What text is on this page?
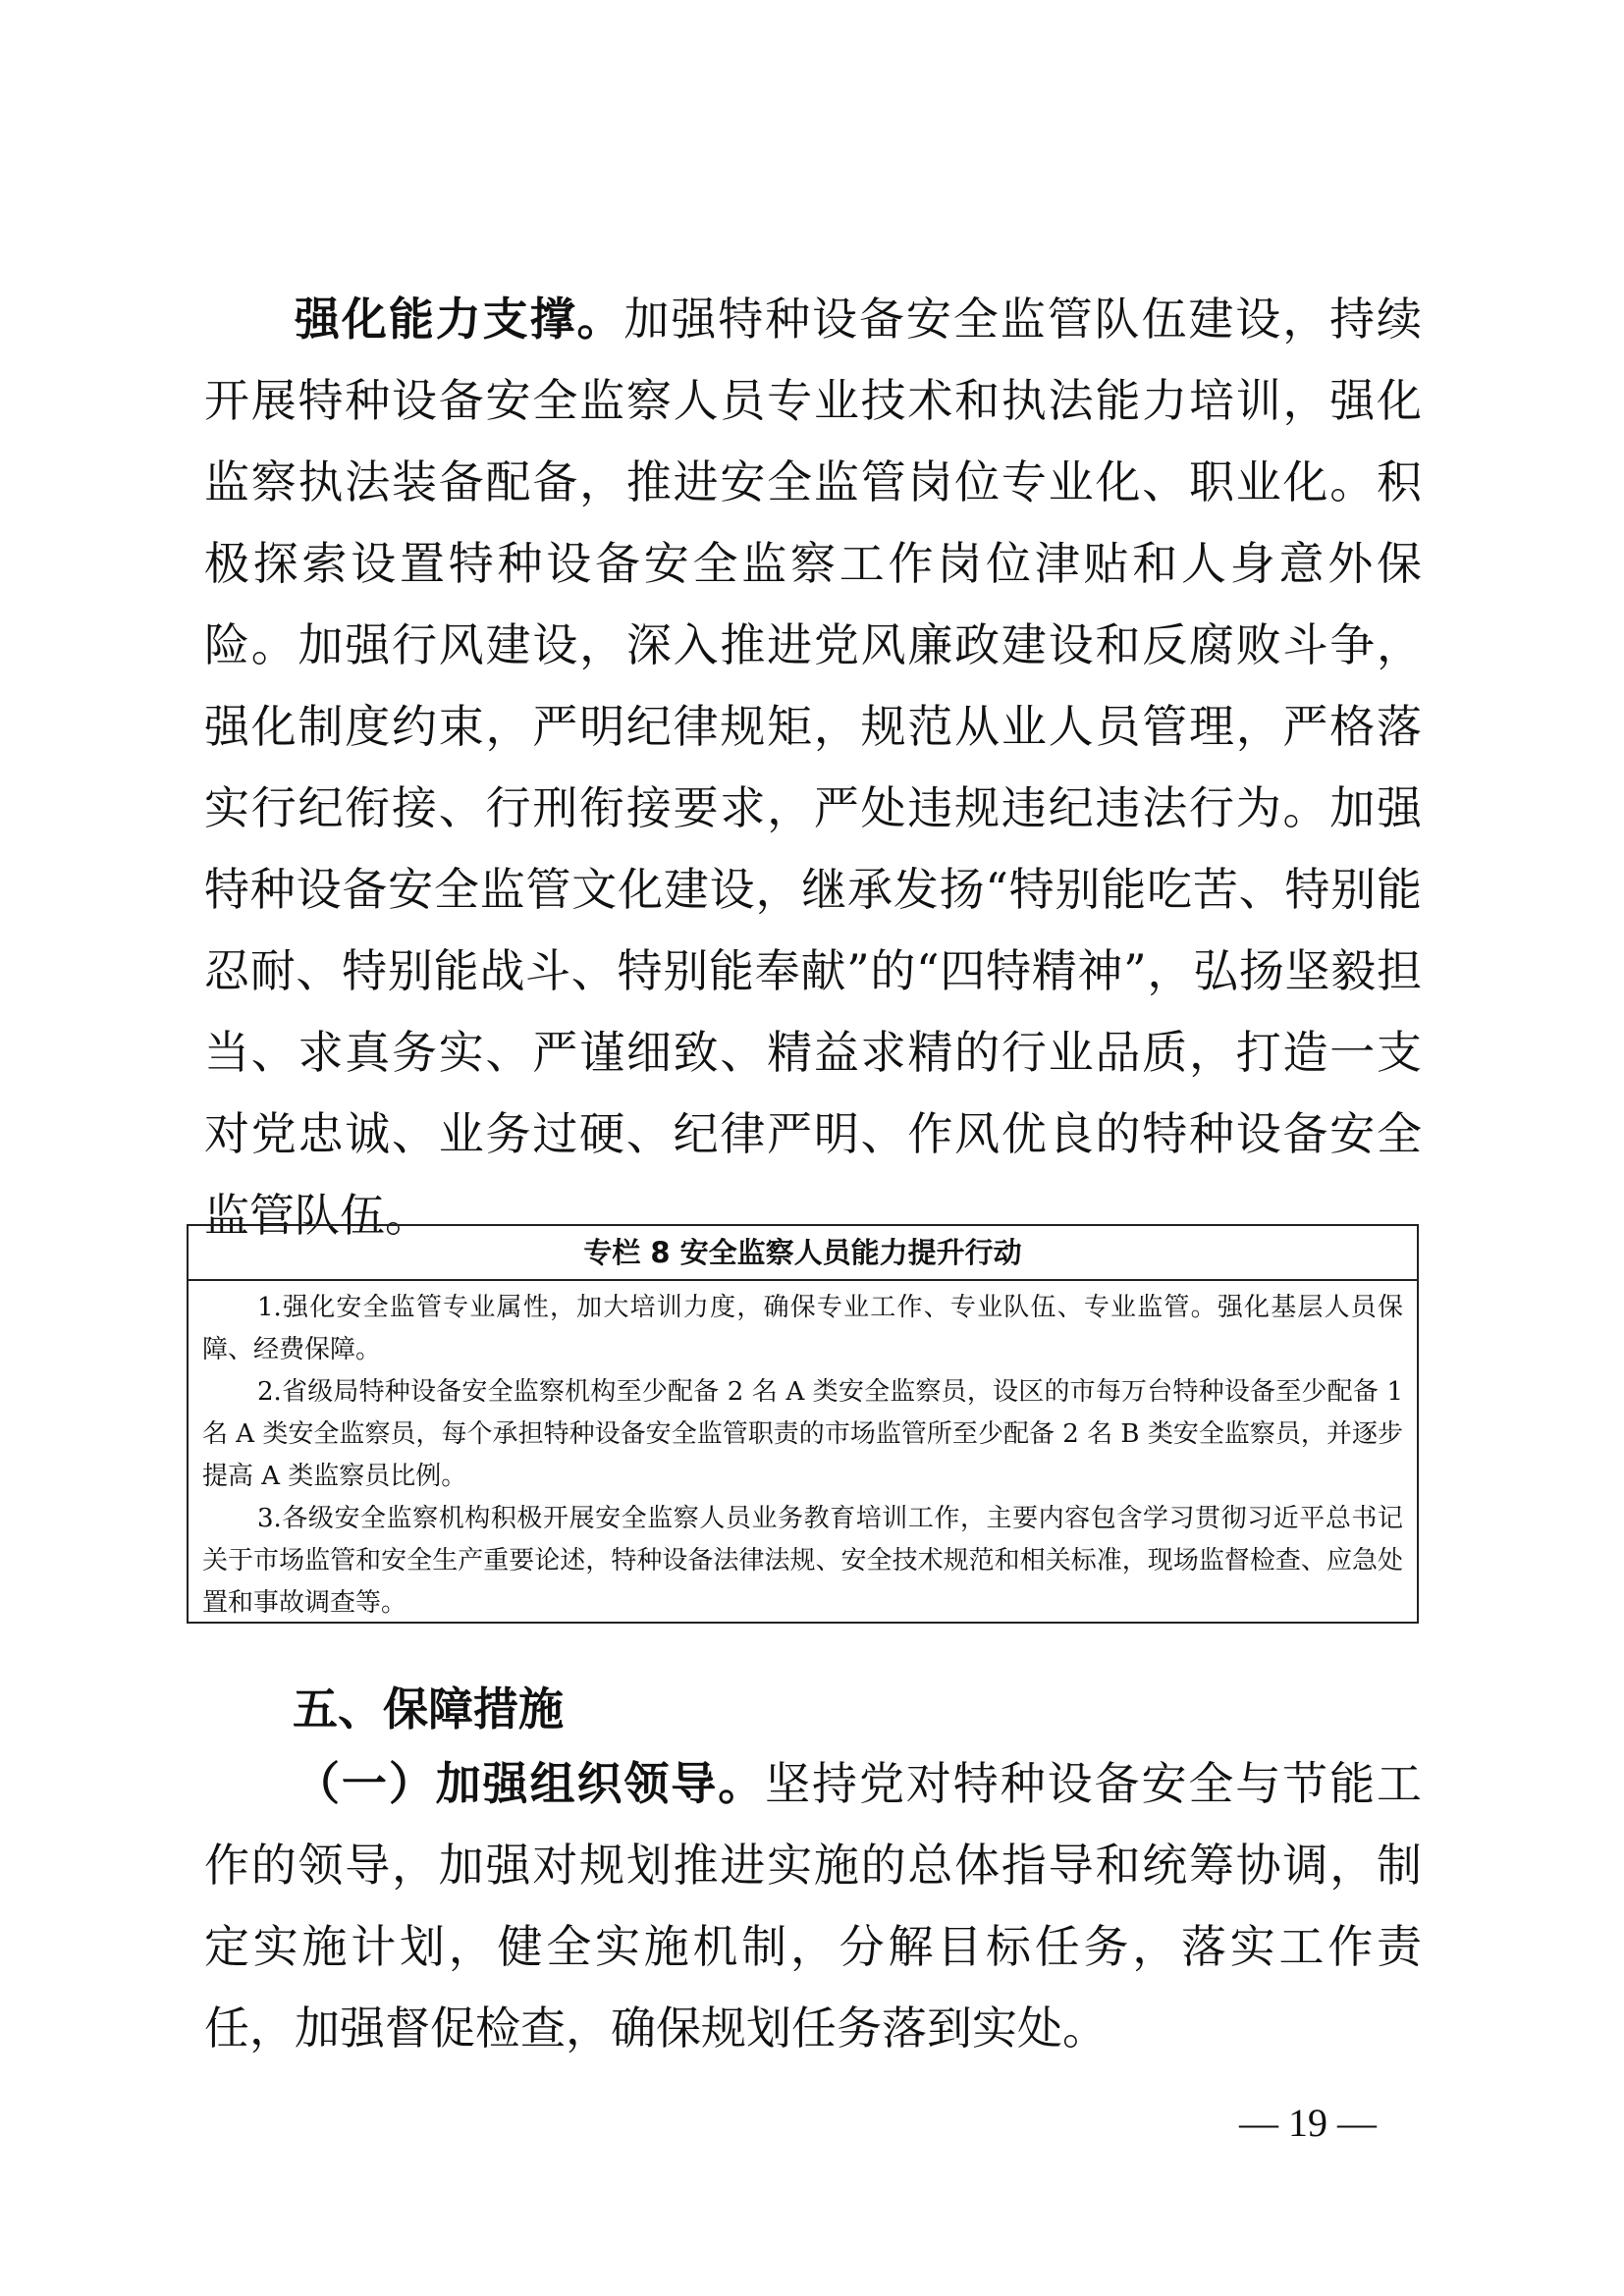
强化能力支撑。加强特种设备安全监管队伍建设，持续开展特种设备安全监察人员专业技术和执法能力培训，强化监察执法装备配备，推进安全监管岗位专业化、职业化。积极探索设置特种设备安全监察工作岗位津贴和人身意外保险。加强行风建设，深入推进党风廉政建设和反腐败斗争，强化制度约束，严明纪律规矩，规范从业人员管理，严格落实行纪衔接、行刑衔接要求，严处违规违纪违法行为。加强特种设备安全监管文化建设，继承发扬“特别能吃苦、特别能忍耐、特别能战斗、特别能奉献”的“四特精神”，弘扬坚毅担当、求真务实、严谨细致、精益求精的行业品质，打造一支对党忠诚、业务过硬、纪律严明、作风优良的特种设备安全监管队伍。

专栏 8 安全监察人员能力提升行动

1.强化安全监管专业属性，加大培训力度，确保专业工作、专业队伍、专业监管。强化基层人员保障、经费保障。

2.省级局特种设备安全监察机构至少配备 2 名 A 类安全监察员，设区的市每万台特种设备至少配备 1 名 A 类安全监察员，每个承担特种设备安全监管职责的市场监管所至少配备 2 名 B 类安全监察员，并逐步提高 A 类监察员比例。

3.各级安全监察机构积极开展安全监察人员业务教育培训工作，主要内容包含学习贯彻习近平总书记关于市场监管和安全生产重要论述，特种设备法律法规、安全技术规范和相关标准，现场监督检查、应急处置和事故调查等。

五、保障措施

（一）加强组织领导。坚持党对特种设备安全与节能工作的领导，加强对规划推进实施的总体指导和统筹协调，制定实施计划，健全实施机制，分解目标任务，落实工作责任，加强督促检查，确保规划任务落到实处。

— 19 —
